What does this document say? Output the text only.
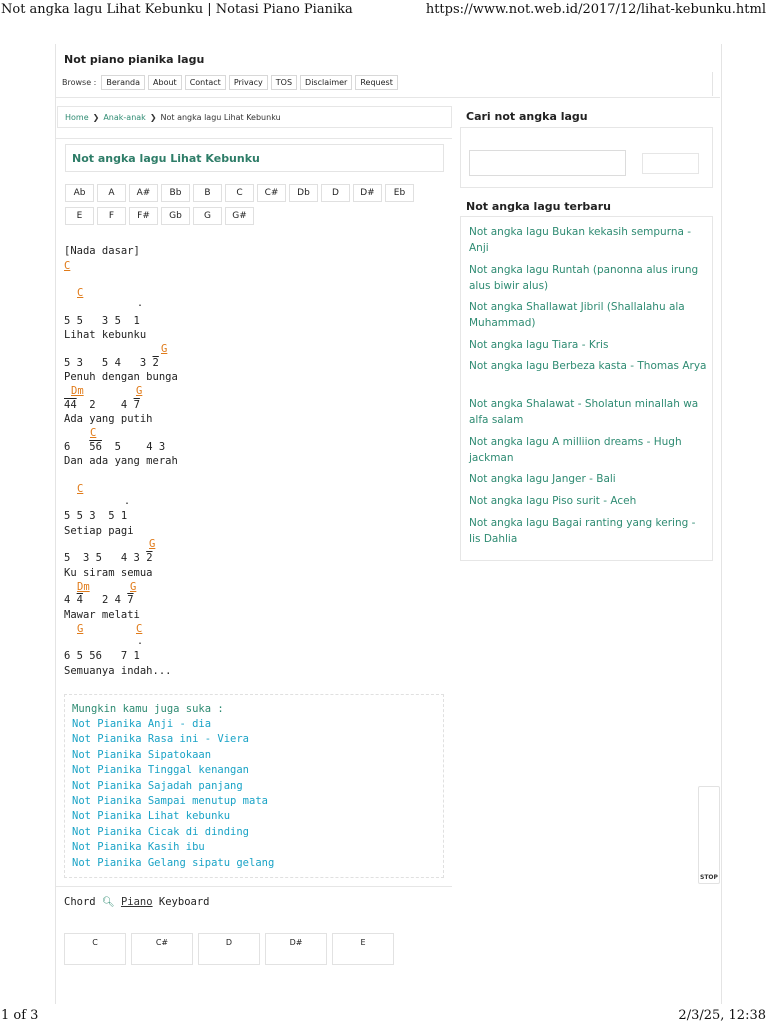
Not angka lagu Lihat Kebunku | Notasi Piano Pianika	https://www.not.web.id/2017/12/lihat-kebunku.html
1 of 3	2/3/25, 12:38
Not piano pianika lagu
Browse :	Beranda	About	Contact	Privacy	TOS	Disclaimer	Request
Home ❯ Anak-anak ❯ Not angka lagu Lihat Kebunku
Not angka lagu Lihat Kebunku
Ab	A	A#	Bb	B	C	C#	Db	D	D#	Eb
E	F	F#	Gb	G	G#
[Nada dasar]
C
C
.
5 5   3 5  1
Lihat kebunku
G
5 3   5 4   3 2
Penuh dengan bunga
Dm	G
44  2    4 7
Ada yang putih
C
6   56  5    4 3
Dan ada yang merah
C
.
5 5 3  5 1
Setiap pagi
G
5  3 5   4 3 2
Ku siram semua
Dm	G
4 4   2 4 7
Mawar melati
G	C
.
6 5 56   7 1
Semuanya indah...
Mungkin kamu juga suka :
Not Pianika Anji - dia
Not Pianika Rasa ini - Viera
Not Pianika Sipatokaan
Not Pianika Tinggal kenangan
Not Pianika Sajadah panjang
Not Pianika Sampai menutup mata
Not Pianika Lihat kebunku
Not Pianika Cicak di dinding
Not Pianika Kasih ibu
Not Pianika Gelang sipatu gelang
Chord 🔍︎ Piano Keyboard
C	C#	D	D#	E
Cari not angka lagu
Not angka lagu terbaru
Not angka lagu Bukan kekasih sempurna - Anji
Not angka lagu Runtah (panonna alus irung alus biwir alus)
Not angka Shallawat Jibril (Shallalahu ala Muhammad)
Not angka lagu Tiara - Kris
Not angka lagu Berbeza kasta - Thomas Arya
Not angka Shalawat - Sholatun minallah wa alfa salam
Not angka lagu A milliion dreams - Hugh jackman
Not angka lagu Janger - Bali
Not angka lagu Piso surit - Aceh
Not angka lagu Bagai ranting yang kering - Iis Dahlia
STOP
